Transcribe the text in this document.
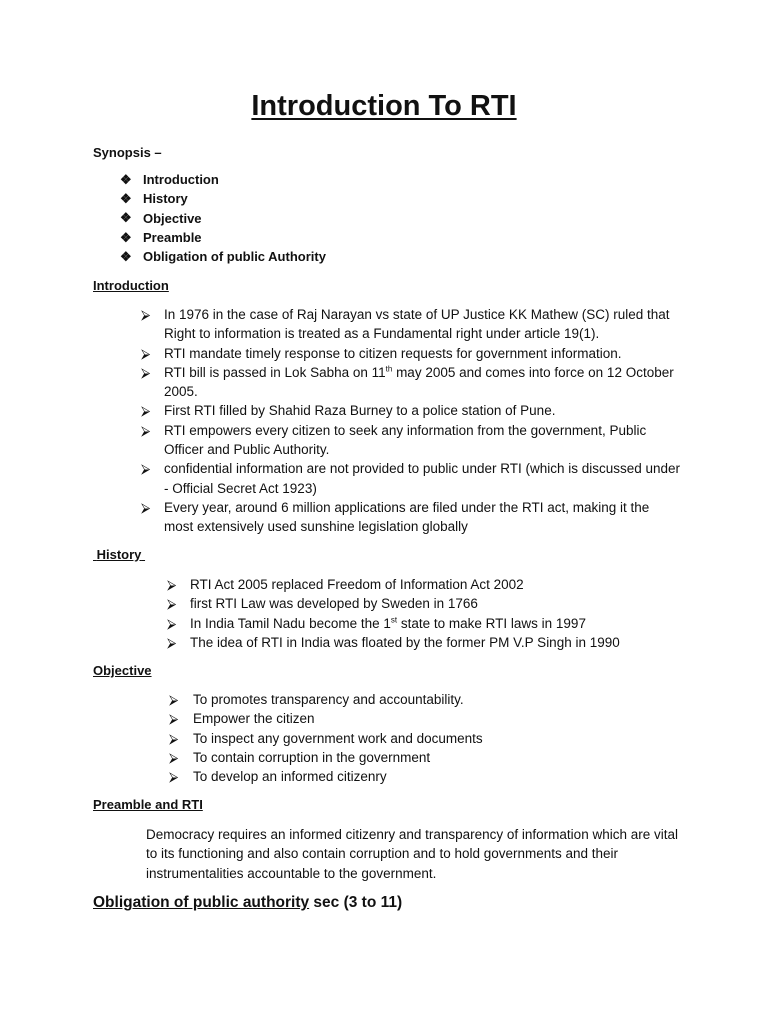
Introduction To RTI
Synopsis –
❖ Introduction
❖ History
❖ Objective
❖ Preamble
❖ Obligation of public Authority
Introduction
⮚	In 1976 in the case of Raj Narayan vs state of UP Justice KK Mathew (SC) ruled that Right to information is treated as a Fundamental right under article 19(1).
⮚	RTI mandate timely response to citizen requests for government information.
⮚	RTI bill is passed in Lok Sabha on 11th may 2005 and comes into force on 12 October 2005.
⮚	First RTI filled by Shahid Raza Burney to a police station of Pune.
⮚	RTI empowers every citizen to seek any information from the government, Public Officer and Public Authority.
⮚	confidential information are not provided to public under RTI (which is discussed under - Official Secret Act 1923)
⮚	Every year, around 6 million applications are filed under the RTI act, making it the most extensively used sunshine legislation globally
History
⮚	RTI Act 2005 replaced Freedom of Information Act 2002
⮚	first RTI Law was developed by Sweden in 1766
⮚	In India Tamil Nadu become the 1st state to make RTI laws in 1997
⮚	The idea of RTI in India was floated by the former PM V.P Singh in 1990
Objective
⮚	To promotes transparency and accountability.
⮚	Empower the citizen
⮚	To inspect any government work and documents
⮚	To contain corruption in the government
⮚	To develop an informed citizenry
Preamble and RTI
Democracy requires an informed citizenry and transparency of information which are vital to its functioning and also contain corruption and to hold governments and their instrumentalities accountable to the government.
Obligation of public authority sec (3 to 11)
